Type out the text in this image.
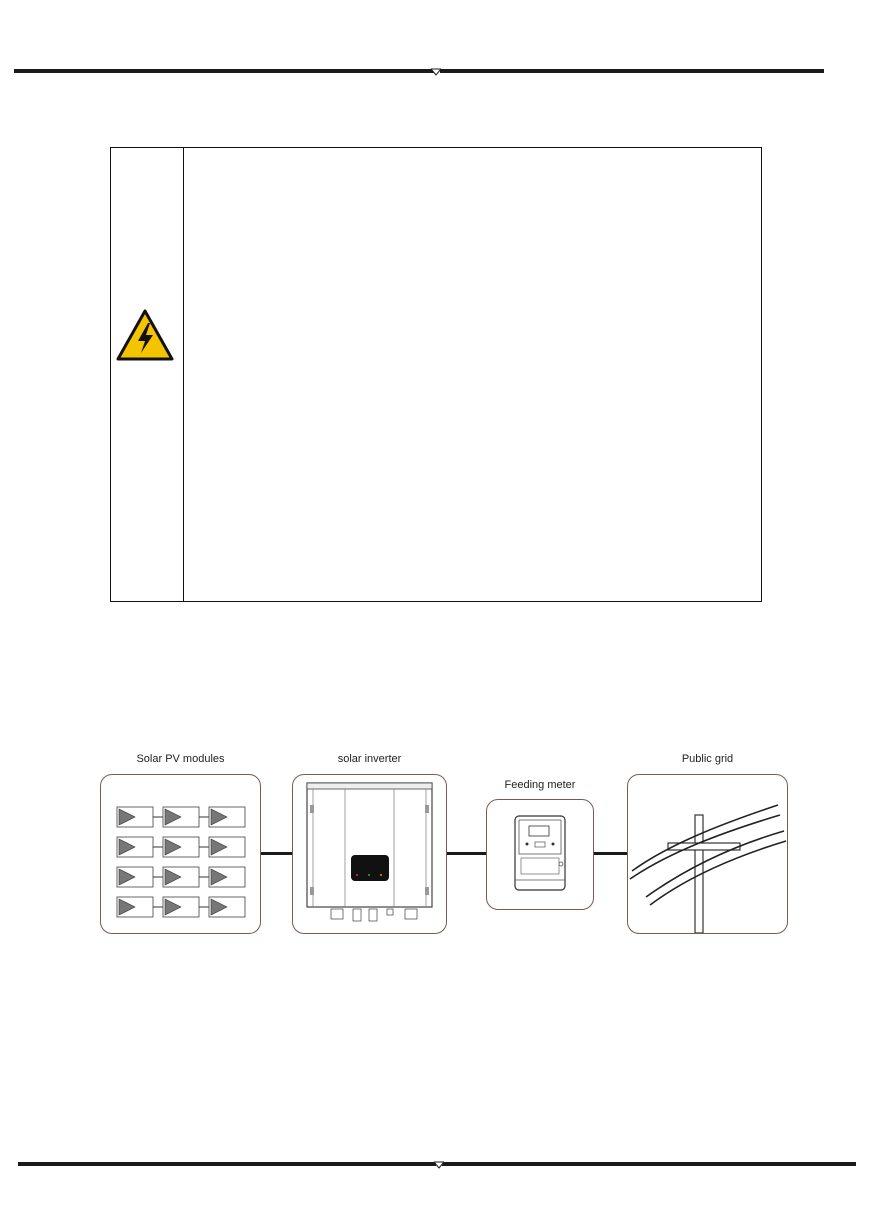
Solar PV modules	solar inverter
Feeding meter
Public grid
